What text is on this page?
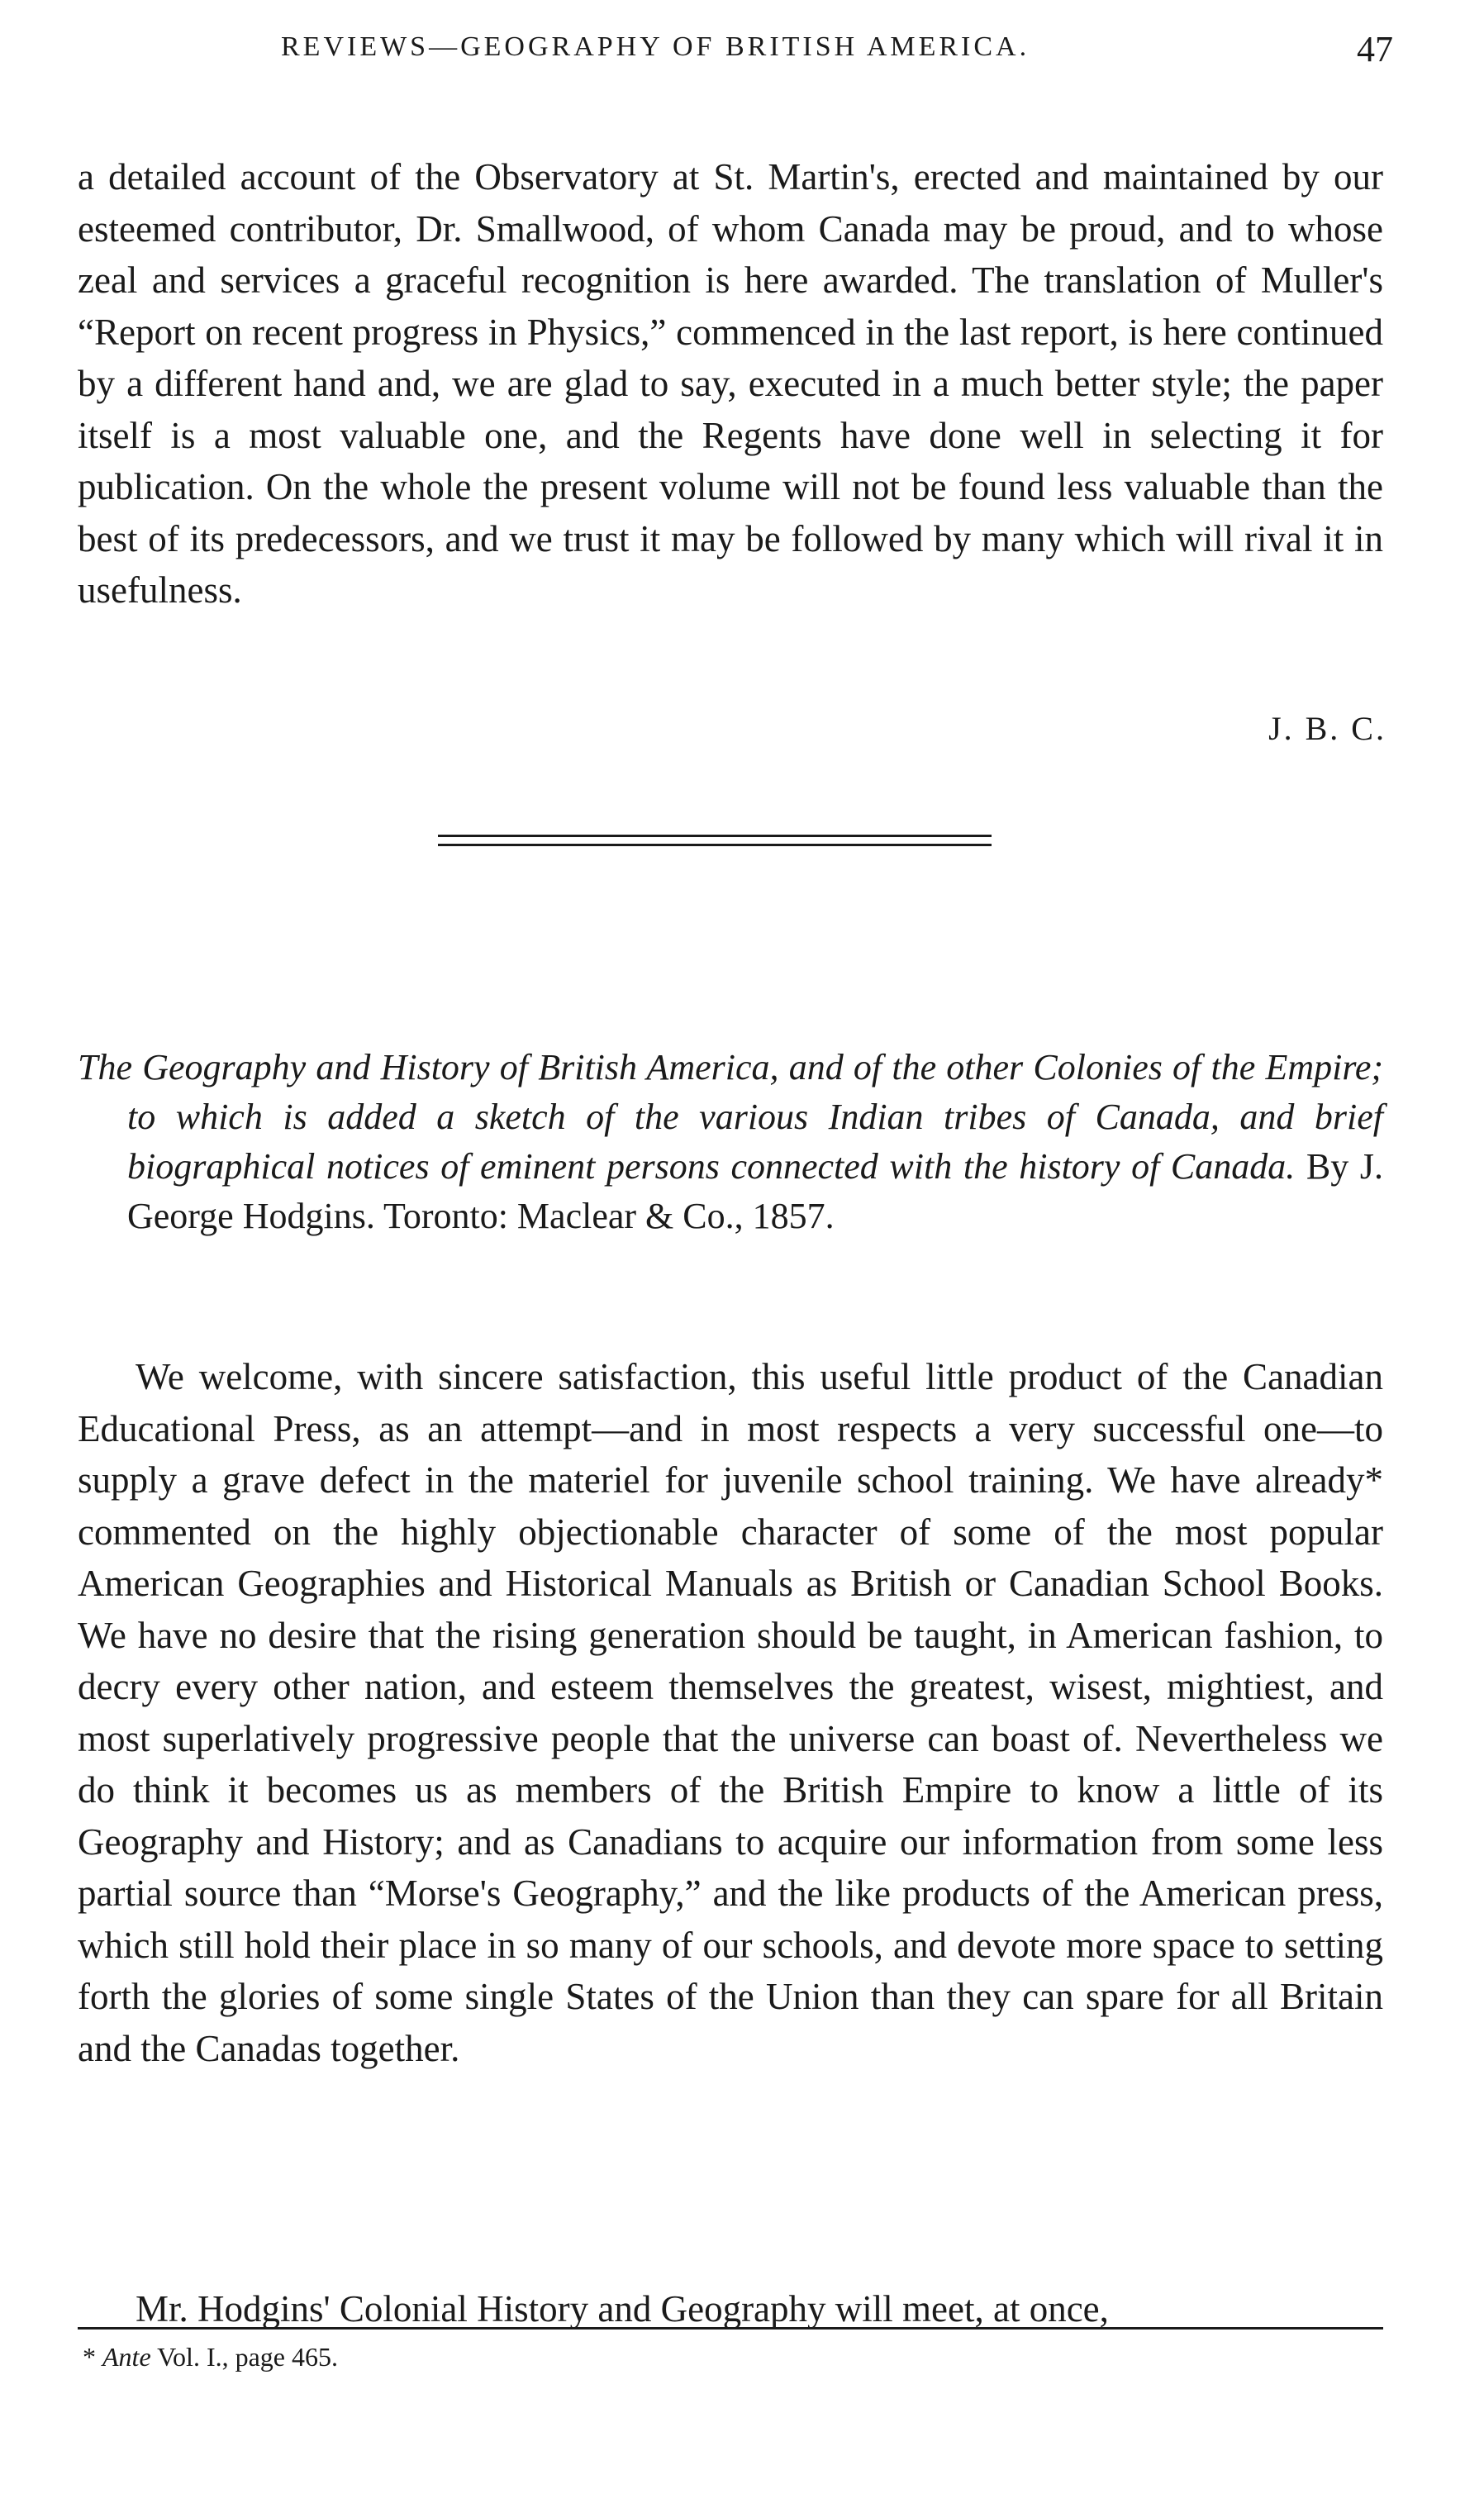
REVIEWS—GEOGRAPHY OF BRITISH AMERICA.	47

a detailed account of the Observatory at St. Martin's, erected and maintained by our esteemed contributor, Dr. Smallwood, of whom Canada may be proud, and to whose zeal and services a graceful recognition is here awarded. The translation of Muller's “Report on recent progress in Physics,” commenced in the last report, is here continued by a different hand and, we are glad to say, executed in a much better style; the paper itself is a most valuable one, and the Regents have done well in selecting it for publication. On the whole the present volume will not be found less valuable than the best of its predecessors, and we trust it may be followed by many which will rival it in usefulness.

J. B. C.

The Geography and History of British America, and of the other Colonies of the Empire; to which is added a sketch of the various Indian tribes of Canada, and brief biographical notices of eminent persons connected with the history of Canada. By J. George Hodgins. Toronto: Maclear & Co., 1857.

We welcome, with sincere satisfaction, this useful little product of the Canadian Educational Press, as an attempt—and in most respects a very successful one—to supply a grave defect in the materiel for juvenile school training. We have already* commented on the highly objectionable character of some of the most popular American Geographies and Historical Manuals as British or Canadian School Books. We have no desire that the rising generation should be taught, in American fashion, to decry every other nation, and esteem themselves the greatest, wisest, mightiest, and most superlatively progressive people that the universe can boast of. Nevertheless we do think it becomes us as members of the British Empire to know a little of its Geography and History; and as Canadians to acquire our information from some less partial source than “Morse's Geography,” and the like products of the American press, which still hold their place in so many of our schools, and devote more space to setting forth the glories of some single States of the Union than they can spare for all Britain and the Canadas together.

Mr. Hodgins' Colonial History and Geography will meet, at once,

* Ante Vol. I., page 465.
